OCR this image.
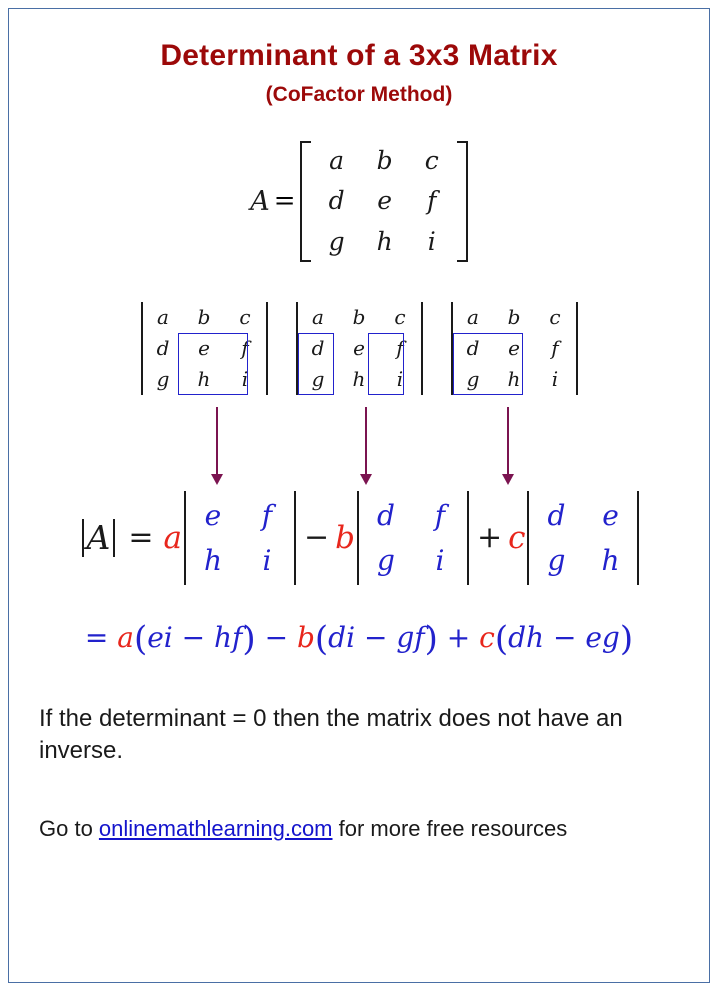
Determinant of a 3x3 Matrix
(CoFactor Method)
A =
a	b	c
d	e	f
g	h	i
a	b	c
d	e	f
g	h	i
a	b	c
d	e	f
g	h	i
a	b	c
d	e	f
g	h	i
A = a
e	f
h	i
− b
d	f
g	i
+ c
d	e
g	h
= a(ei − hf) − b(di − gf) + c(dh − eg)
If the determinant = 0 then the matrix does not have an inverse.
Go to onlinemathlearning.com for more free resources
